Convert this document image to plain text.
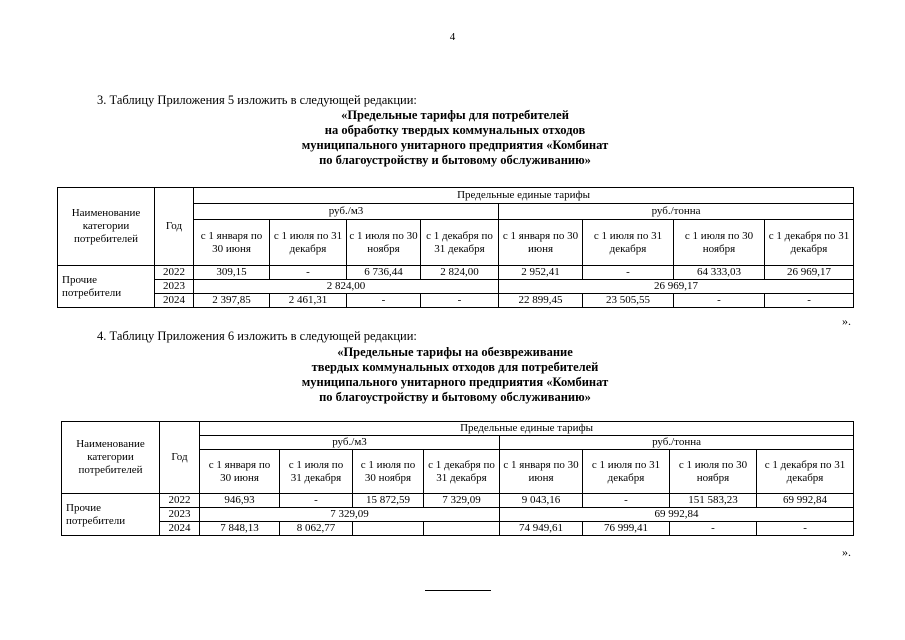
4
3. Таблицу Приложения 5 изложить в следующей редакции:
«Предельные тарифы для потребителей
на обработку твердых коммунальных отходов
муниципального унитарного предприятия «Комбинат
по благоустройству и бытовому обслуживанию»
Наименование категории потребителей	Год	Предельные единые тарифы							
		руб./м3				руб./тонна			
		с 1 января по 30 июня	с 1 июля по 31 декабря	с 1 июля по 30 ноября	с 1 декабря по 31 декабря	с 1 января по 30 июня	с 1 июля по 31 декабря	с 1 июля по 30 ноября	с 1 декабря по 31 декабря
Прочие потребители	2022	309,15	-	6 736,44	2 824,00	2 952,41	-	64 333,03	26 969,17
	2023	2 824,00				26 969,17			
	2024	2 397,85	2 461,31	-	-	22 899,45	23 505,55	-	-
».
4. Таблицу Приложения 6 изложить в следующей редакции:
«Предельные тарифы на обезвреживание
твердых коммунальных отходов для потребителей
муниципального унитарного предприятия «Комбинат
по благоустройству и бытовому обслуживанию»
Наименование категории потребителей	Год	Предельные единые тарифы							
		руб./м3				руб./тонна			
		с 1 января по 30 июня	с 1 июля по 31 декабря	с 1 июля по 30 ноября	с 1 декабря по 31 декабря	с 1 января по 30 июня	с 1 июля по 31 декабря	с 1 июля по 30 ноября	с 1 декабря по 31 декабря
Прочие потребители	2022	946,93	-	15 872,59	7 329,09	9 043,16	-	151 583,23	69 992,84
	2023	7 329,09				69 992,84			
	2024	7 848,13	8 062,77			74 949,61	76 999,41	-	-
».
